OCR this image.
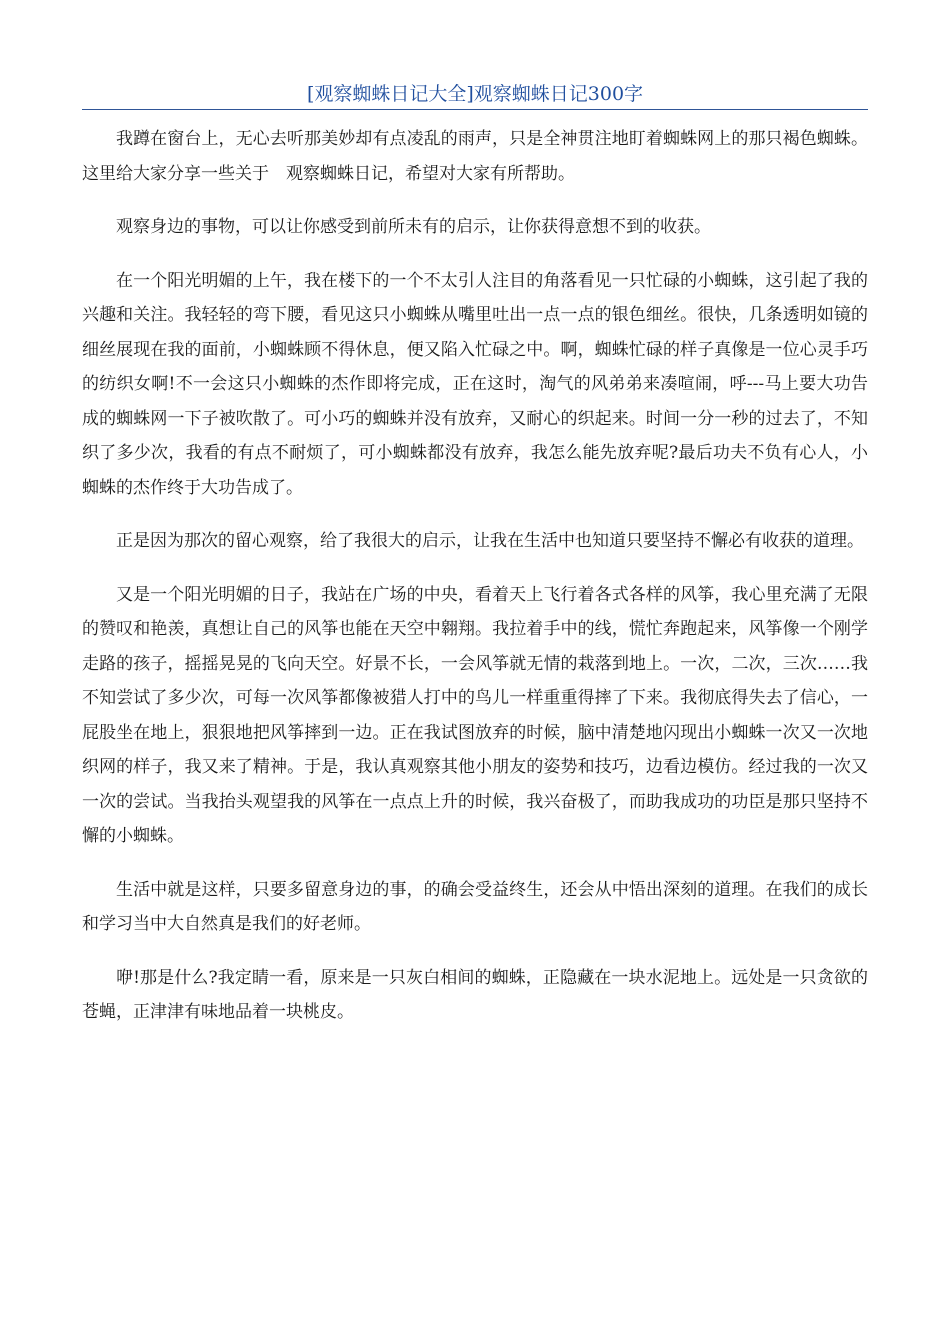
[观察蜘蛛日记大全]观察蜘蛛日记300字

我蹲在窗台上，无心去听那美妙却有点凌乱的雨声，只是全神贯注地盯着蜘蛛网上的那只褐色蜘蛛。这里给大家分享一些关于　观察蜘蛛日记，希望对大家有所帮助。

观察身边的事物，可以让你感受到前所未有的启示，让你获得意想不到的收获。

在一个阳光明媚的上午，我在楼下的一个不太引人注目的角落看见一只忙碌的小蜘蛛，这引起了我的兴趣和关注。我轻轻的弯下腰，看见这只小蜘蛛从嘴里吐出一点一点的银色细丝。很快，几条透明如镜的细丝展现在我的面前，小蜘蛛顾不得休息，便又陷入忙碌之中。啊，蜘蛛忙碌的样子真像是一位心灵手巧的纺织女啊!不一会这只小蜘蛛的杰作即将完成，正在这时，淘气的风弟弟来凑喧闹，呼---马上要大功告成的蜘蛛网一下子被吹散了。可小巧的蜘蛛并没有放弃，又耐心的织起来。时间一分一秒的过去了，不知织了多少次，我看的有点不耐烦了，可小蜘蛛都没有放弃，我怎么能先放弃呢?最后功夫不负有心人，小蜘蛛的杰作终于大功告成了。

正是因为那次的留心观察，给了我很大的启示，让我在生活中也知道只要坚持不懈必有收获的道理。

又是一个阳光明媚的日子，我站在广场的中央，看着天上飞行着各式各样的风筝，我心里充满了无限的赞叹和艳羡，真想让自己的风筝也能在天空中翱翔。我拉着手中的线，慌忙奔跑起来，风筝像一个刚学走路的孩子，摇摇晃晃的飞向天空。好景不长，一会风筝就无情的栽落到地上。一次，二次，三次……我不知尝试了多少次，可每一次风筝都像被猎人打中的鸟儿一样重重得摔了下来。我彻底得失去了信心，一屁股坐在地上，狠狠地把风筝摔到一边。正在我试图放弃的时候，脑中清楚地闪现出小蜘蛛一次又一次地织网的样子，我又来了精神。于是，我认真观察其他小朋友的姿势和技巧，边看边模仿。经过我的一次又一次的尝试。当我抬头观望我的风筝在一点点上升的时候，我兴奋极了，而助我成功的功臣是那只坚持不懈的小蜘蛛。

生活中就是这样，只要多留意身边的事，的确会受益终生，还会从中悟出深刻的道理。在我们的成长和学习当中大自然真是我们的好老师。

咿!那是什么?我定睛一看，原来是一只灰白相间的蜘蛛，正隐藏在一块水泥地上。远处是一只贪欲的苍蝇，正津津有味地品着一块桃皮。
